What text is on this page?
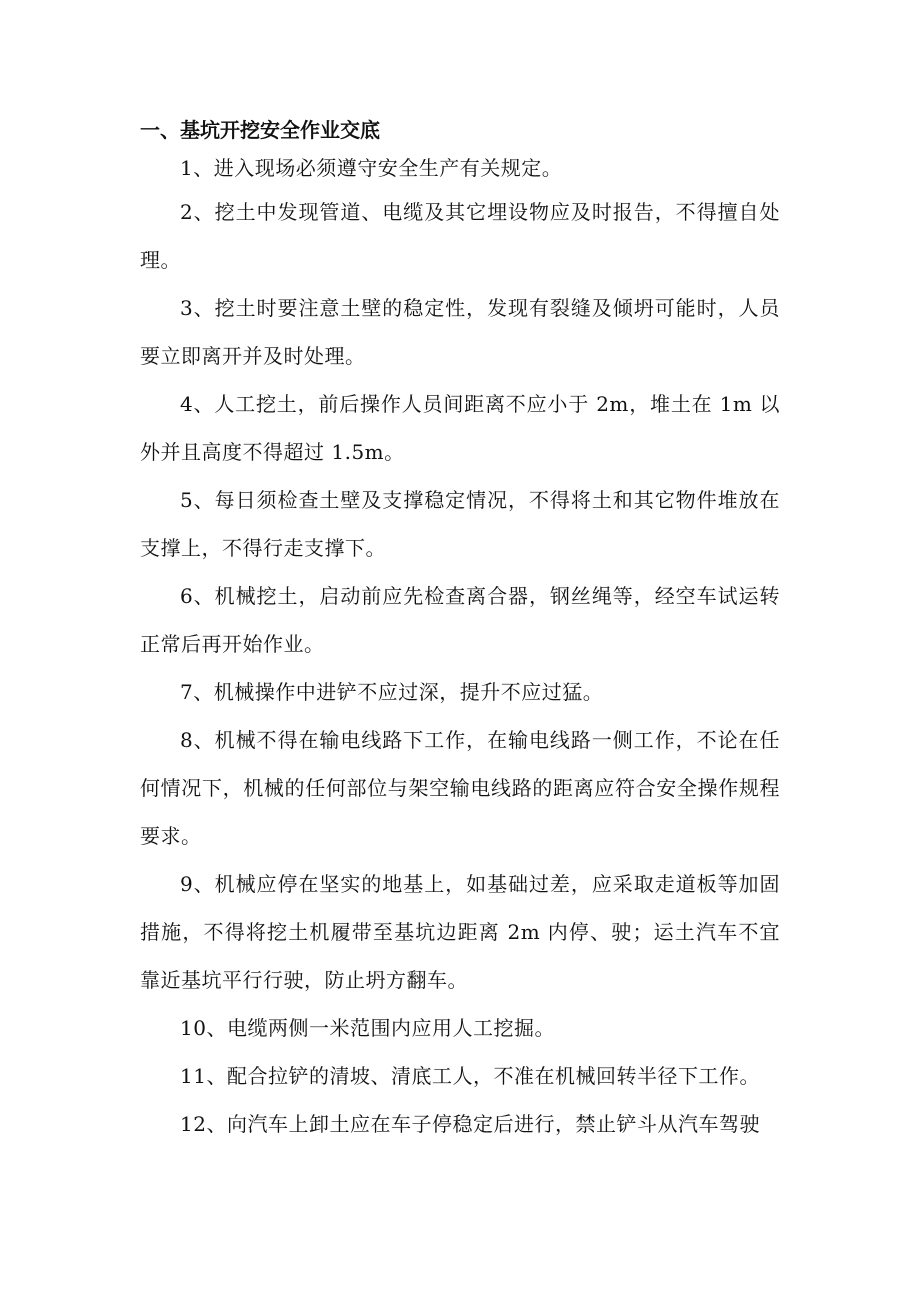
一、基坑开挖安全作业交底

1、进入现场必须遵守安全生产有关规定。

2、挖土中发现管道、电缆及其它埋设物应及时报告，不得擅自处理。

3、挖土时要注意土壁的稳定性，发现有裂缝及倾坍可能时，人员要立即离开并及时处理。

4、人工挖土，前后操作人员间距离不应小于 2m，堆土在 1m 以外并且高度不得超过 1.5m。

5、每日须检查土壁及支撑稳定情况，不得将土和其它物件堆放在支撑上，不得行走支撑下。

6、机械挖土，启动前应先检查离合器，钢丝绳等，经空车试运转正常后再开始作业。

7、机械操作中进铲不应过深，提升不应过猛。

8、机械不得在输电线路下工作，在输电线路一侧工作，不论在任何情况下，机械的任何部位与架空输电线路的距离应符合安全操作规程要求。

9、机械应停在坚实的地基上，如基础过差，应采取走道板等加固措施，不得将挖土机履带至基坑边距离 2m 内停、驶；运土汽车不宜靠近基坑平行行驶，防止坍方翻车。

10、电缆两侧一米范围内应用人工挖掘。

11、配合拉铲的清坡、清底工人，不准在机械回转半径下工作。

12、向汽车上卸土应在车子停稳定后进行，禁止铲斗从汽车驾驶
